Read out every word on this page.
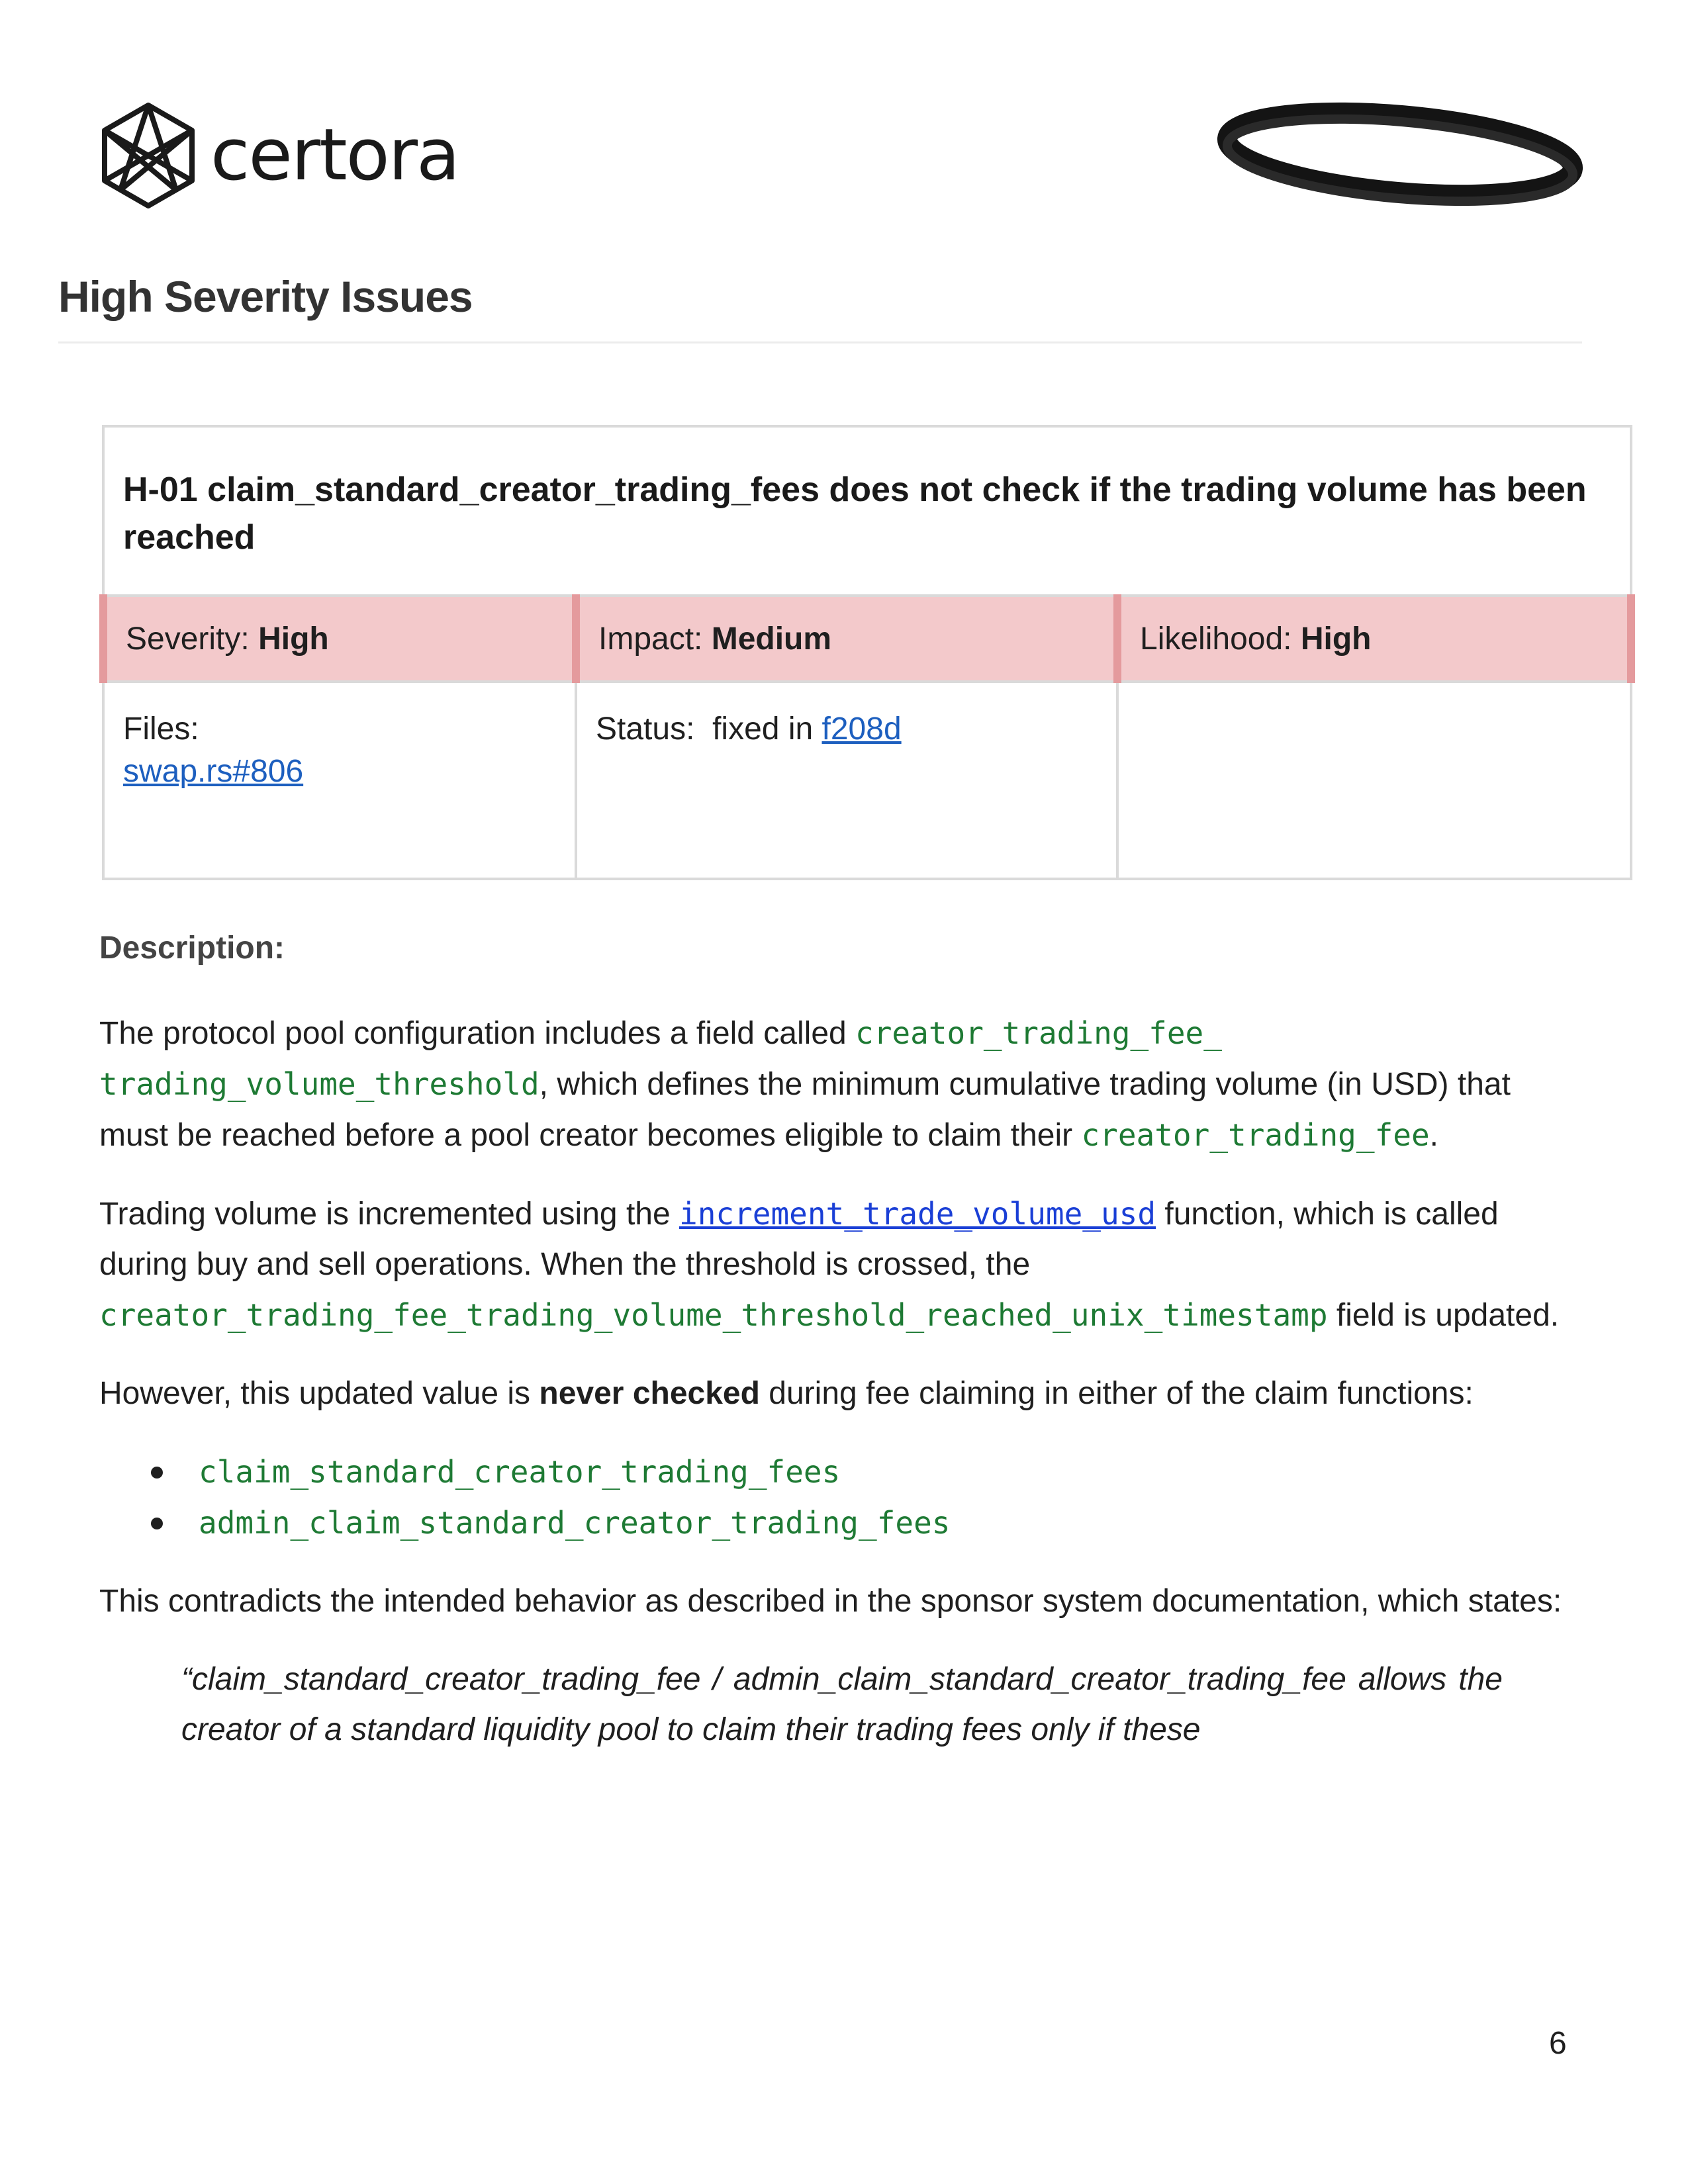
certora
High Severity Issues

H-01 claim_standard_creator_trading_fees does not check if the trading volume has been reached		

Severity: High	Impact: Medium	Likelihood: High

Files:
swap.rs#806	Status:  fixed in f208d	

Description:

The protocol pool configuration includes a field called creator_trading_fee_
trading_volume_threshold, which defines the minimum cumulative trading volume (in USD) that must be reached before a pool creator becomes eligible to claim their creator_trading_fee.

Trading volume is incremented using the increment_trade_volume_usd function, which is called during buy and sell operations. When the threshold is crossed, the creator_trading_fee_trading_volume_threshold_reached_unix_timestamp field is updated.

However, this updated value is never checked during fee claiming in either of the claim functions:

claim_standard_creator_trading_fees
admin_claim_standard_creator_trading_fees

This contradicts the intended behavior as described in the sponsor system documentation, which states:

“claim_standard_creator_trading_fee / admin_claim_standard_creator_trading_fee allows the creator of a standard liquidity pool to claim their trading fees only if these

6
